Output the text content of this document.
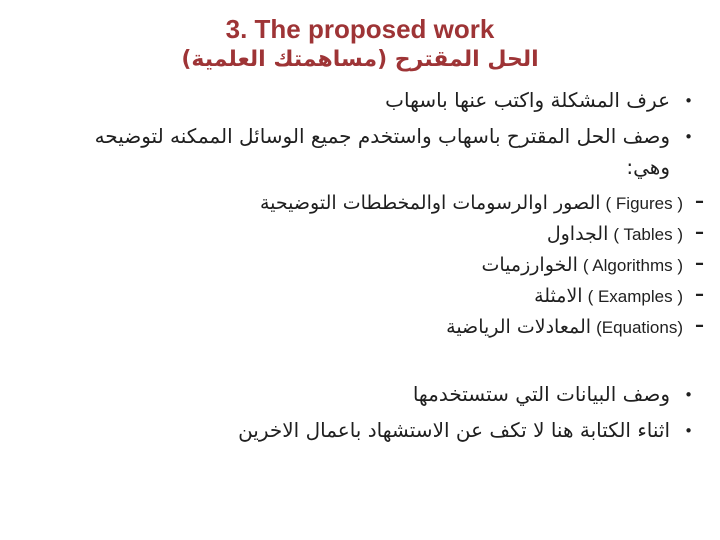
3. The proposed work
الحل المقترح (مساهمتك العلمية)
•
عرف المشكلة واكتب عنها باسهاب
•
وصف الحل المقترح باسهاب واستخدم جميع الوسائل الممكنه لتوضيحه
وهي:
–
( Figures )الصور اوالرسومات اوالمخططات التوضيحية
–
( Tables )الجداول
–
( Algorithms )الخوارزميات
–
( Examples )الامثلة
–
(Equations)المعادلات الرياضية
•
وصف البيانات التي ستستخدمها
•
اثناء الكتابة هنا لا تكف عن الاستشهاد باعمال الاخرين
